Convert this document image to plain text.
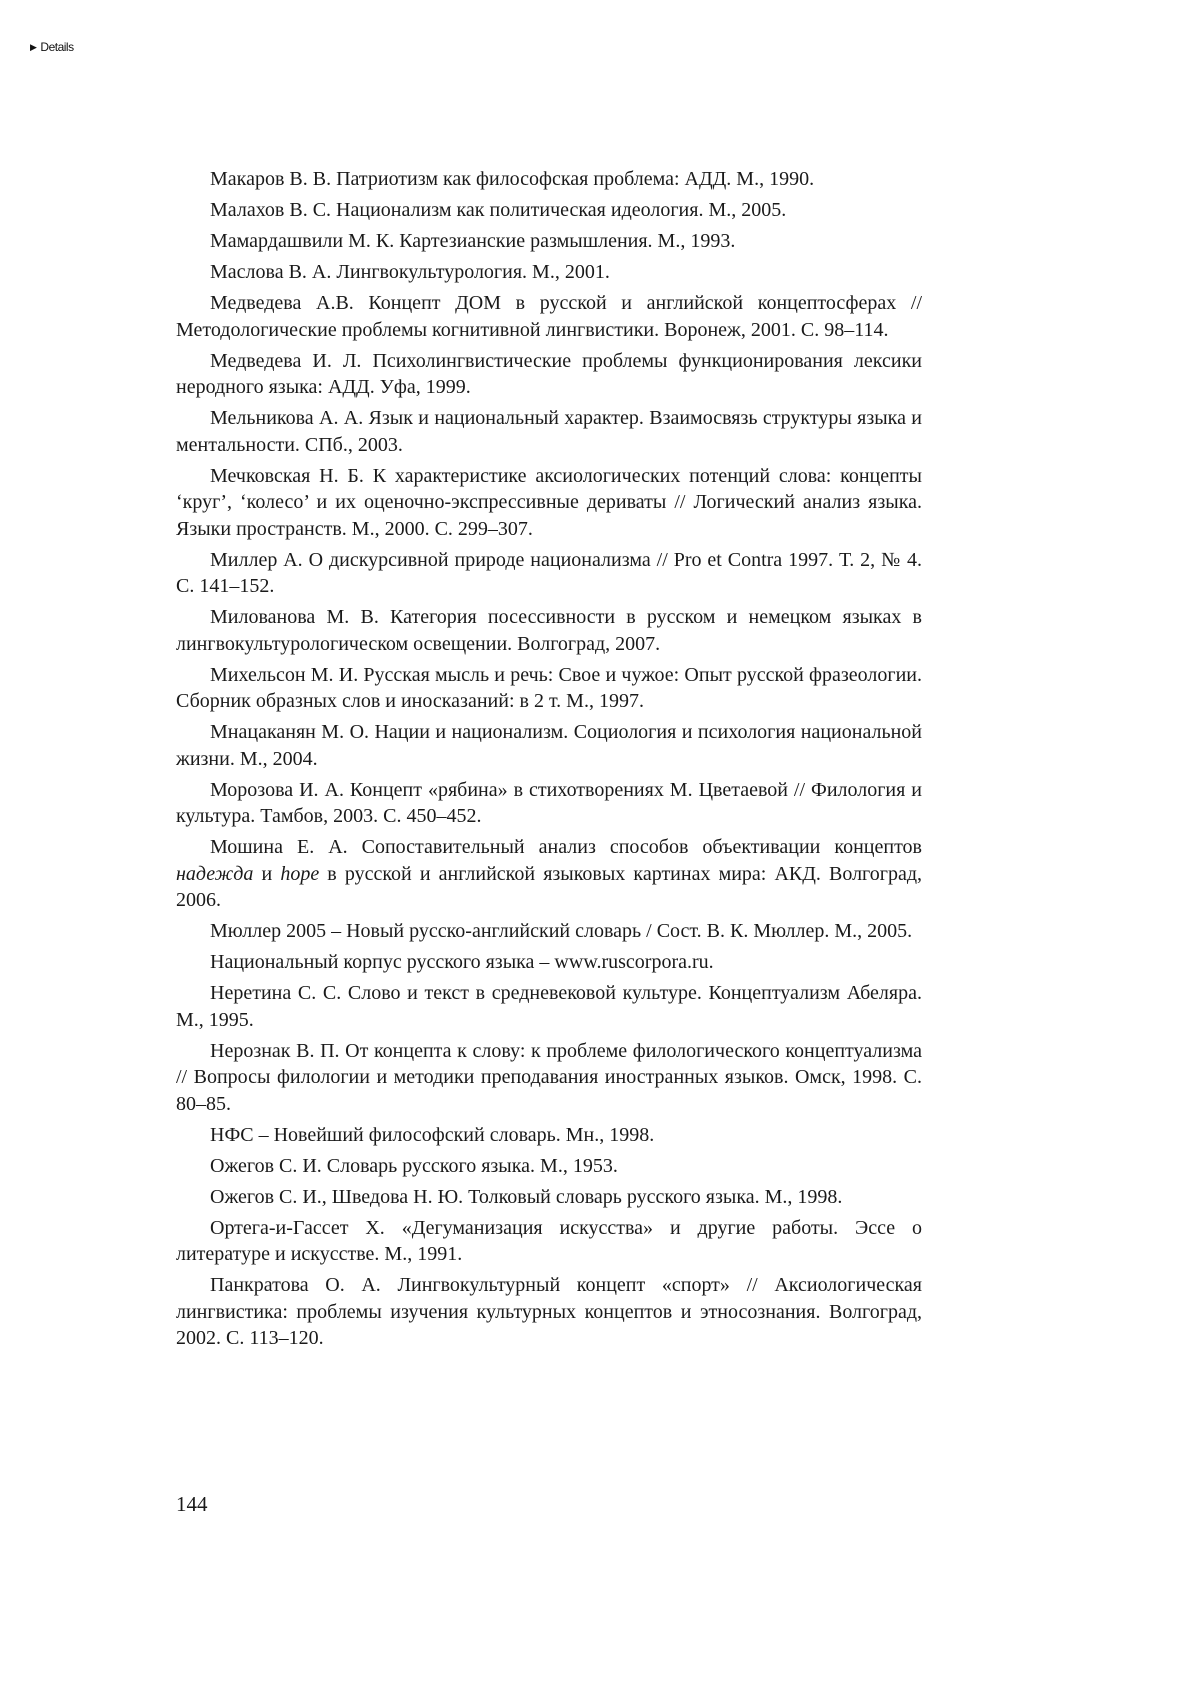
▶ Details

Макаров В. В. Патриотизм как философская проблема: АДД. М., 1990.

Малахов В. С. Национализм как политическая идеология. М., 2005.

Мамардашвили М. К. Картезианские размышления. М., 1993.

Маслова В. А. Лингвокультурология. М., 2001.

Медведева А.В. Концепт ДОМ в русской и английской концептосферах // Методологические проблемы когнитивной лингвистики. Воронеж, 2001. С. 98–114.

Медведева И. Л. Психолингвистические проблемы функционирования лексики неродного языка: АДД. Уфа, 1999.

Мельникова А. А. Язык и национальный характер. Взаимосвязь структуры языка и ментальности. СПб., 2003.

Мечковская Н. Б. К характеристике аксиологических потенций слова: концепты ‘круг’, ‘колесо’ и их оценочно-экспрессивные дериваты // Логический анализ языка. Языки пространств. М., 2000. С. 299–307.

Миллер А. О дискурсивной природе национализма // Pro et Contra 1997. Т. 2, № 4. С. 141–152.

Милованова М. В. Категория посессивности в русском и немецком языках в лингвокультурологическом освещении. Волгоград, 2007.

Михельсон М. И. Русская мысль и речь: Свое и чужое: Опыт русской фразеологии. Сборник образных слов и иносказаний: в 2 т. М., 1997.

Мнацаканян М. О. Нации и национализм. Социология и психология национальной жизни. М., 2004.

Морозова И. А. Концепт «рябина» в стихотворениях М. Цветаевой // Филология и культура. Тамбов, 2003. С. 450–452.

Мошина Е. А. Сопоставительный анализ способов объективации концептов надежда и hope в русской и английской языковых картинах мира: АКД. Волгоград, 2006.

Мюллер 2005 – Новый русско-английский словарь / Сост. В. К. Мюллер. М., 2005.

Национальный корпус русского языка – www.ruscorpora.ru.

Неретина С. С. Слово и текст в средневековой культуре. Концептуализм Абеляра. М., 1995.

Нерознак В. П. От концепта к слову: к проблеме филологического концептуализма // Вопросы филологии и методики преподавания иностранных языков. Омск, 1998. С. 80–85.

НФС – Новейший философский словарь. Мн., 1998.

Ожегов С. И. Словарь русского языка. М., 1953.

Ожегов С. И., Шведова Н. Ю. Толковый словарь русского языка. М., 1998.

Ортега-и-Гассет Х. «Дегуманизация искусства» и другие работы. Эссе о литературе и искусстве. М., 1991.

Панкратова О. А. Лингвокультурный концепт «спорт» // Аксиологическая лингвистика: проблемы изучения культурных концептов и этносознания. Волгоград, 2002. С. 113–120.

144
